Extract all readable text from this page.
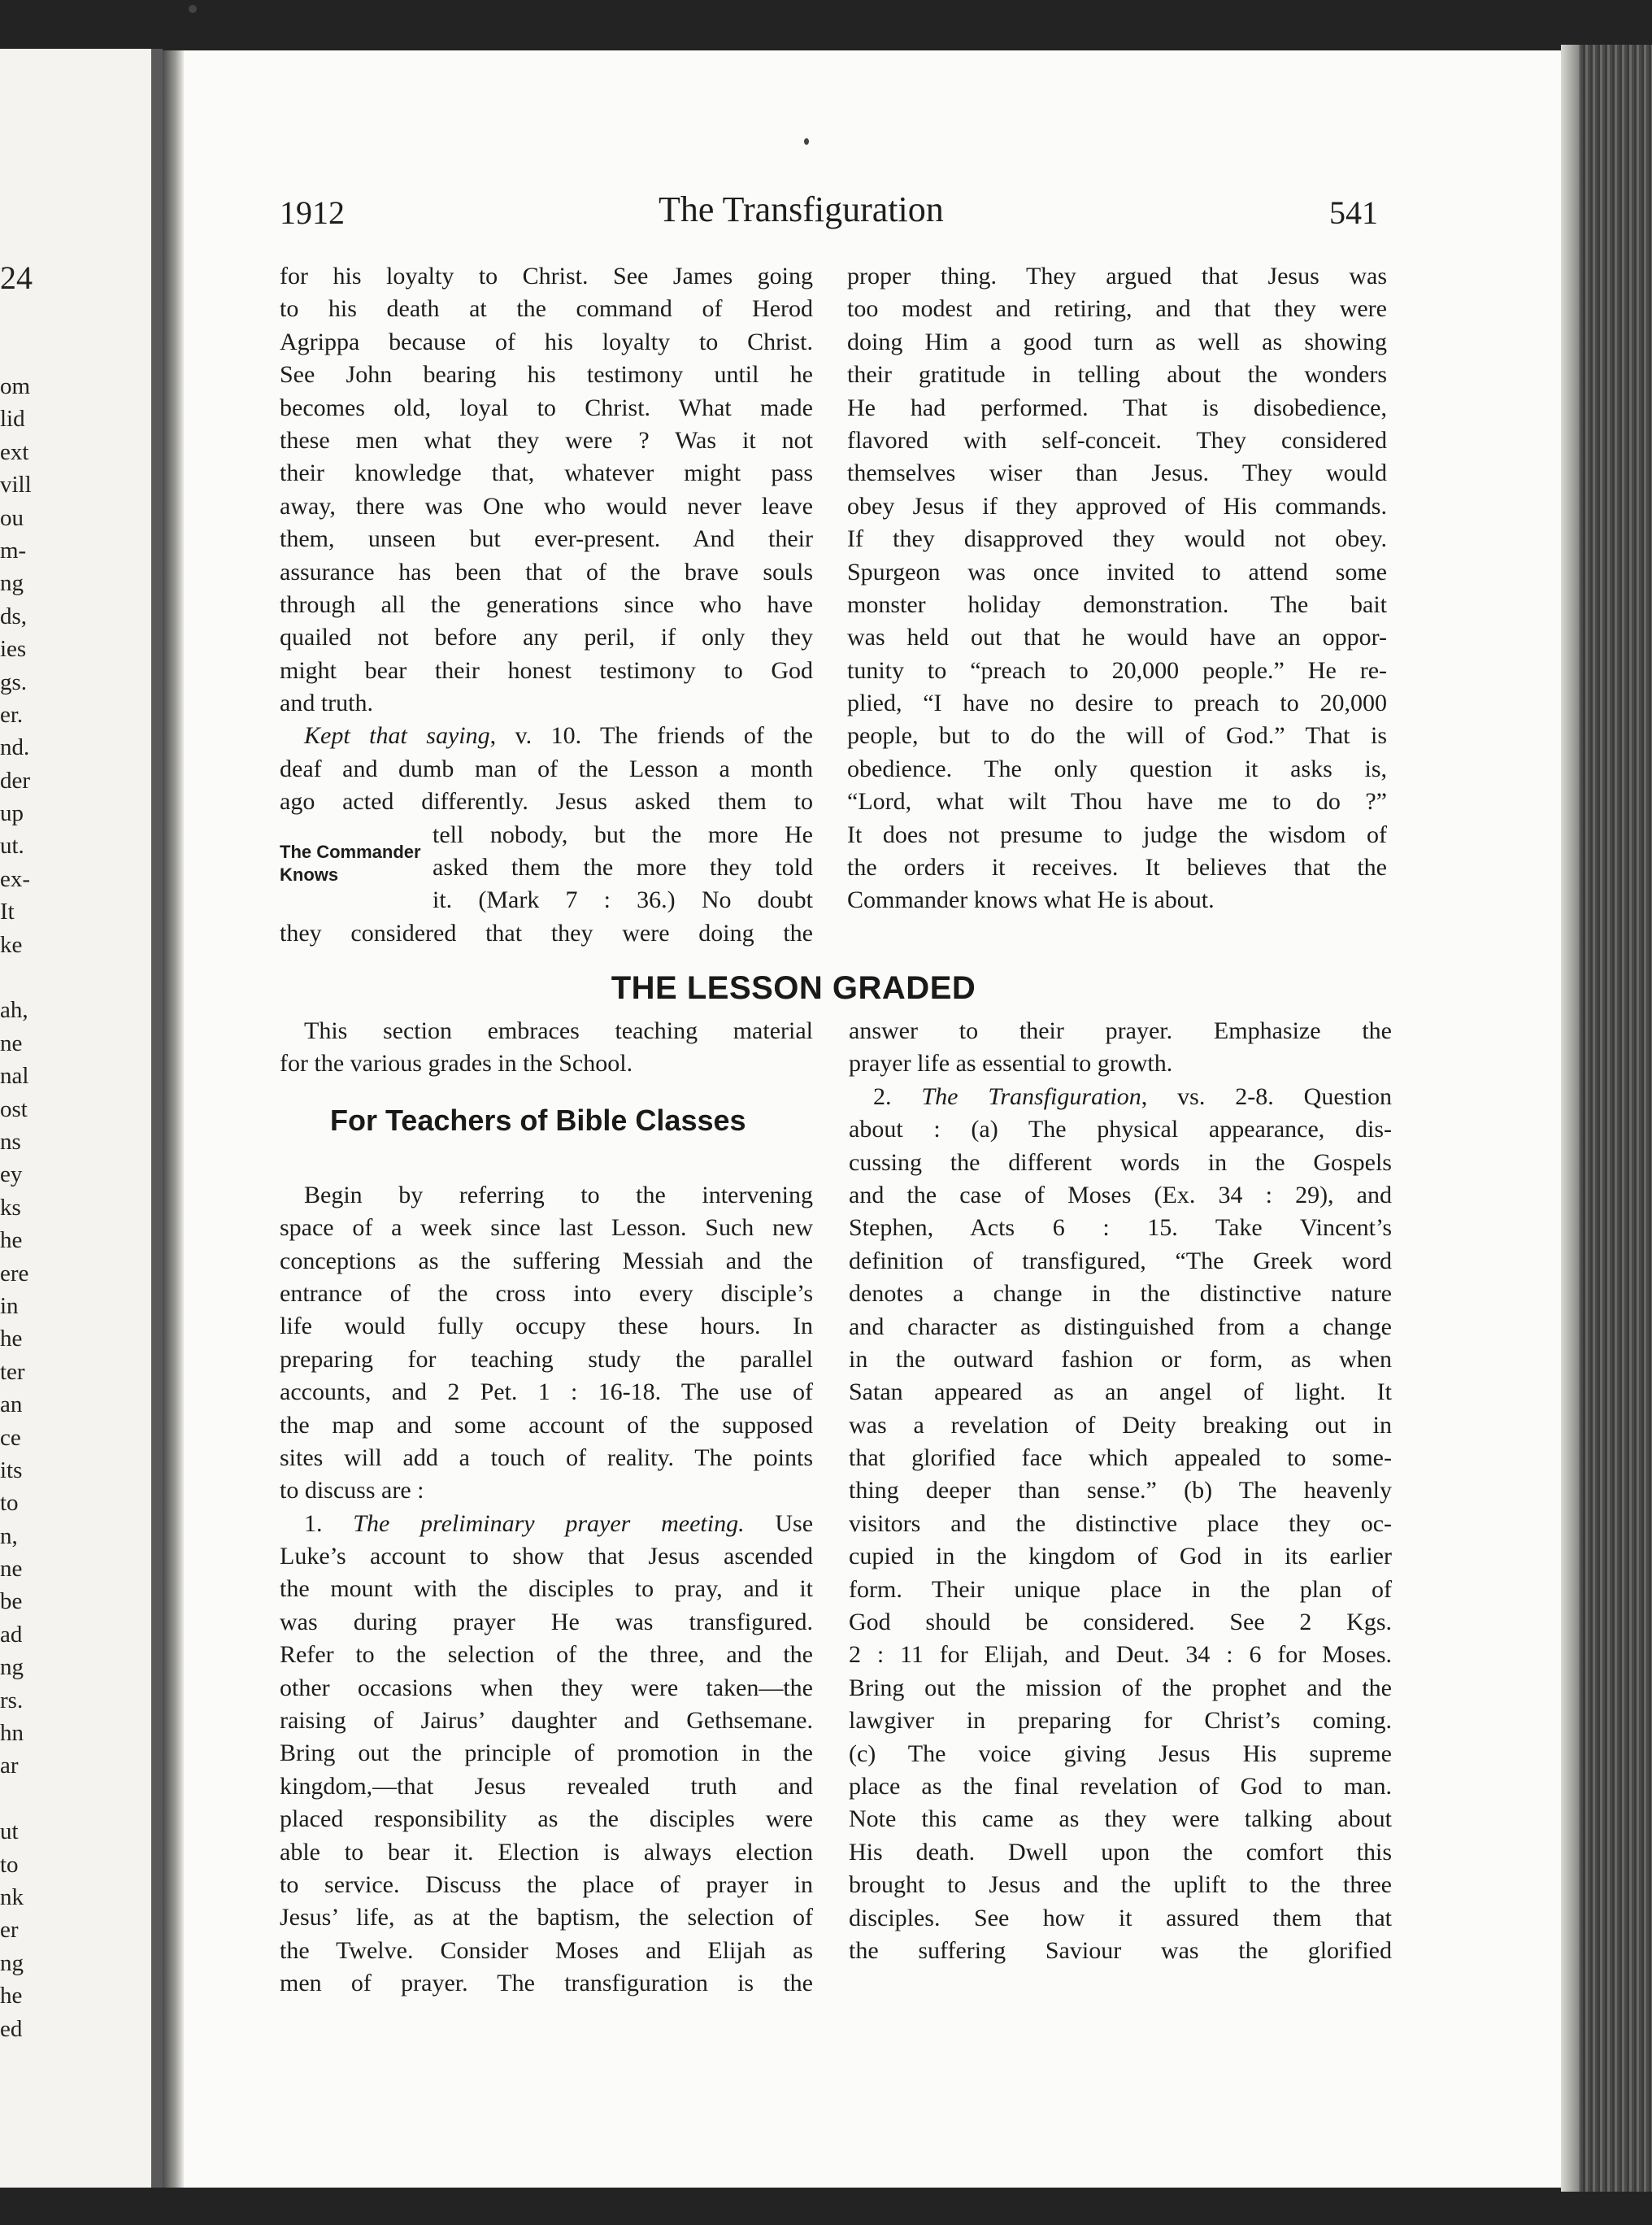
24
om
lid
ext
vill
ou
m-
ng
ds,
ies
gs.
er.
nd.
der
up
ut.
ex-
It
ke
ah,
ne
nal
ost
ns
ey
ks
he
ere
in
he
ter
an
ce
its
to
n,
ne
be
ad
ng
rs.
hn
ar
ut
to
nk
er
ng
he
ed
1912	The Transfiguration	541
for his loyalty to Christ. See James going
to his death at the command of Herod
Agrippa because of his loyalty to Christ.
See John bearing his testimony until he
becomes old, loyal to Christ. What made
these men what they were ? Was it not
their knowledge that, whatever might pass
away, there was One who would never leave
them, unseen but ever-present. And their
assurance has been that of the brave souls
through all the generations since who have
quailed not before any peril, if only they
might bear their honest testimony to God
and truth.
Kept that saying, v. 10. The friends of the
deaf and dumb man of the Lesson a month
ago acted differently. Jesus asked them to
tell nobody, but the more He
asked them the more they told
it. (Mark 7 : 36.) No doubt
they considered that they were doing the
The Commander Knows
proper thing. They argued that Jesus was
too modest and retiring, and that they were
doing Him a good turn as well as showing
their gratitude in telling about the wonders
He had performed. That is disobedience,
flavored with self-conceit. They considered
themselves wiser than Jesus. They would
obey Jesus if they approved of His commands.
If they disapproved they would not obey.
Spurgeon was once invited to attend some
monster holiday demonstration. The bait
was held out that he would have an oppor-
tunity to “preach to 20,000 people.” He re-
plied, “I have no desire to preach to 20,000
people, but to do the will of God.” That is
obedience. The only question it asks is,
“Lord, what wilt Thou have me to do ?”
It does not presume to judge the wisdom of
the orders it receives. It believes that the
Commander knows what He is about.
THE LESSON GRADED
This section embraces teaching material
for the various grades in the School.
Begin by referring to the intervening
space of a week since last Lesson. Such new
conceptions as the suffering Messiah and the
entrance of the cross into every disciple’s
life would fully occupy these hours. In
preparing for teaching study the parallel
accounts, and 2 Pet. 1 : 16-18. The use of
the map and some account of the supposed
sites will add a touch of reality. The points
to discuss are :
1. The preliminary prayer meeting. Use
Luke’s account to show that Jesus ascended
the mount with the disciples to pray, and it
was during prayer He was transfigured.
Refer to the selection of the three, and the
other occasions when they were taken—the
raising of Jairus’ daughter and Gethsemane.
Bring out the principle of promotion in the
kingdom,—that Jesus revealed truth and
placed responsibility as the disciples were
able to bear it. Election is always election
to service. Discuss the place of prayer in
Jesus’ life, as at the baptism, the selection of
the Twelve. Consider Moses and Elijah as
men of prayer. The transfiguration is the
For Teachers of Bible Classes
answer to their prayer. Emphasize the
prayer life as essential to growth.
2. The Transfiguration, vs. 2-8. Question
about : (a) The physical appearance, dis-
cussing the different words in the Gospels
and the case of Moses (Ex. 34 : 29), and
Stephen, Acts 6 : 15. Take Vincent’s
definition of transfigured, “The Greek word
denotes a change in the distinctive nature
and character as distinguished from a change
in the outward fashion or form, as when
Satan appeared as an angel of light. It
was a revelation of Deity breaking out in
that glorified face which appealed to some-
thing deeper than sense.” (b) The heavenly
visitors and the distinctive place they oc-
cupied in the kingdom of God in its earlier
form. Their unique place in the plan of
God should be considered. See 2 Kgs.
2 : 11 for Elijah, and Deut. 34 : 6 for Moses.
Bring out the mission of the prophet and the
lawgiver in preparing for Christ’s coming.
(c) The voice giving Jesus His supreme
place as the final revelation of God to man.
Note this came as they were talking about
His death. Dwell upon the comfort this
brought to Jesus and the uplift to the three
disciples. See how it assured them that
the suffering Saviour was the glorified
